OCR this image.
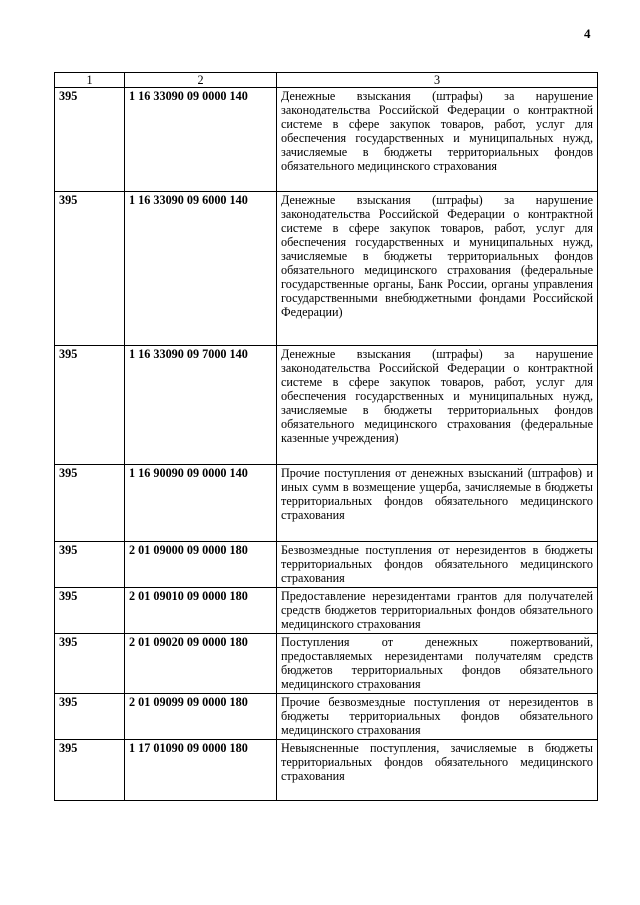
4
1	2	3
395	1 16 33090 09 0000 140	Денежные взыскания (штрафы) за нарушение законодательства Российской Федерации о контрактной системе в сфере закупок товаров, работ, услуг для обеспечения государственных и муниципальных нужд, зачисляемые в бюджеты территориальных фондов обязательного медицинского страхования
395	1 16 33090 09 6000 140	Денежные взыскания (штрафы) за нарушение законодательства Российской Федерации о контрактной системе в сфере закупок товаров, работ, услуг для обеспечения государственных и муниципальных нужд, зачисляемые в бюджеты территориальных фондов обязательного медицинского страхования (федеральные государственные органы, Банк России, органы управления государственными внебюджетными фондами Российской Федерации)
395	1 16 33090 09 7000 140	Денежные взыскания (штрафы) за нарушение законодательства Российской Федерации о контрактной системе в сфере закупок товаров, работ, услуг для обеспечения государственных и муниципальных нужд, зачисляемые в бюджеты территориальных фондов обязательного медицинского страхования (федеральные казенные учреждения)
395	1 16 90090 09 0000 140	Прочие поступления от денежных взысканий (штрафов) и иных сумм в возмещение ущерба, зачисляемые в бюджеты территориальных фондов обязательного медицинского страхования
395	2 01 09000 09 0000 180	Безвозмездные поступления от нерезидентов в бюджеты территориальных фондов обязательного медицинского страхования
395	2 01 09010 09 0000 180	Предоставление нерезидентами грантов для получателей средств бюджетов территориальных фондов обязательного медицинского страхования
395	2 01 09020 09 0000 180	Поступления от денежных пожертвований, предоставляемых нерезидентами получателям средств бюджетов территориальных фондов обязательного медицинского страхования
395	2 01 09099 09 0000 180	Прочие безвозмездные поступления от нерезидентов в бюджеты территориальных фондов обязательного медицинского страхования
395	1 17 01090 09 0000 180	Невыясненные поступления, зачисляемые в бюджеты территориальных фондов обязательного медицинского страхования
